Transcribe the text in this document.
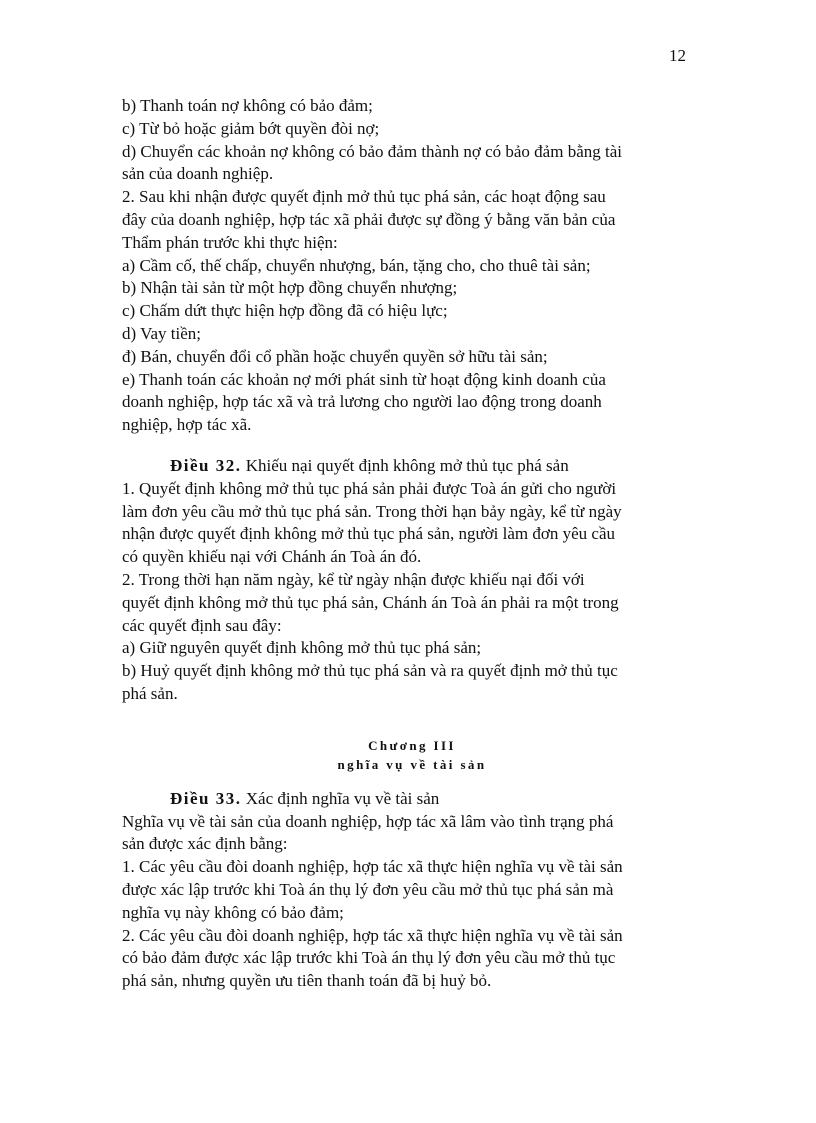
12
b) Thanh toán nợ không có bảo đảm;
c) Từ bỏ hoặc giảm bớt quyền đòi nợ;
d) Chuyển các khoản nợ không có bảo đảm thành nợ có bảo đảm bằng tài
sản của doanh nghiệp.
2. Sau khi nhận được quyết định mở thủ tục phá sản, các hoạt động sau
đây của doanh nghiệp, hợp tác xã phải được sự đồng ý bằng văn bản của
Thẩm phán trước khi thực hiện:
a) Cầm cố, thế chấp, chuyển nhượng, bán, tặng cho, cho thuê tài sản;
b) Nhận tài sản từ một hợp đồng chuyển nhượng;
c) Chấm dứt thực hiện hợp đồng đã có hiệu lực;
d) Vay tiền;
đ) Bán, chuyển đổi cổ phần hoặc chuyển quyền sở hữu tài sản;
e) Thanh toán các khoản nợ mới phát sinh từ hoạt động kinh doanh của
doanh nghiệp, hợp tác xã và trả lương cho người lao động trong doanh
nghiệp, hợp tác xã.
Điều 32. Khiếu nại quyết định không mở thủ tục phá sản
1. Quyết định không mở thủ tục phá sản phải được Toà án gửi cho người
làm đơn yêu cầu mở thủ tục phá sản. Trong thời hạn bảy ngày, kể từ ngày
nhận được quyết định không mở thủ tục phá sản, người làm đơn yêu cầu
có quyền khiếu nại với Chánh án Toà án đó.
2. Trong thời hạn năm ngày, kể từ ngày nhận được khiếu nại đối với
quyết định không mở thủ tục phá sản, Chánh án Toà án phải ra một trong
các quyết định sau đây:
a) Giữ nguyên quyết định không mở thủ tục phá sản;
b) Huỷ quyết định không mở thủ tục phá sản và ra quyết định mở thủ tục
phá sản.
Chương III
nghĩa vụ về tài sản
Điều 33. Xác định nghĩa vụ về tài sản
Nghĩa vụ về tài sản của doanh nghiệp, hợp tác xã lâm vào tình trạng phá
sản được xác định bằng:
1. Các yêu cầu đòi doanh nghiệp, hợp tác xã thực hiện nghĩa vụ về tài sản
được xác lập trước khi Toà án thụ lý đơn yêu cầu mở thủ tục phá sản mà
nghĩa vụ này không có bảo đảm;
2. Các yêu cầu đòi doanh nghiệp, hợp tác xã thực hiện nghĩa vụ về tài sản
có bảo đảm được xác lập trước khi Toà án thụ lý đơn yêu cầu mở thủ tục
phá sản, nhưng quyền ưu tiên thanh toán đã bị huỷ bỏ.
